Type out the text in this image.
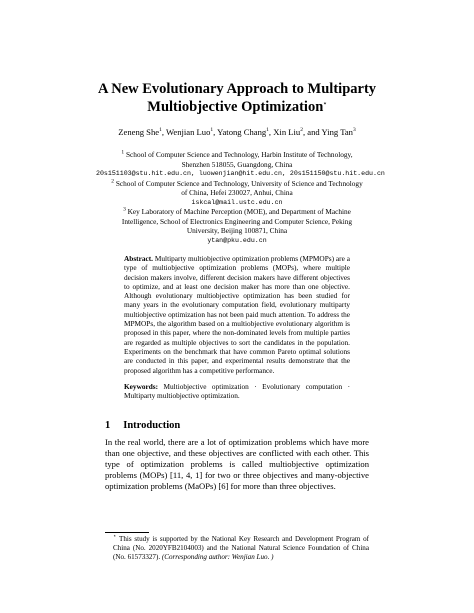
A New Evolutionary Approach to Multiparty
Multiobjective Optimization⋆
Zeneng She$^1$, Wenjian Luo$^1$, Yatong Chang$^1$, Xin Liu$^2$, and Ying Tan$^3$
$^1$ School of Computer Science and Technology, Harbin Institute of Technology,
Shenzhen 518055, Guangdong, China
20s151103@stu.hit.edu.cn, luowenjian@hit.edu.cn, 20s151150@stu.hit.edu.cn
$^2$ School of Computer Science and Technology, University of Science and Technology
of China, Hefei 230027, Anhui, China
iskcal@mail.ustc.edu.cn
$^3$ Key Laboratory of Machine Perception (MOE), and Department of Machine
Intelligence, School of Electronics Engineering and Computer Science, Peking
University, Beijing 100871, China
ytan@pku.edu.cn
Abstract. Multiparty multiobjective optimization problems (MPMOPs) are a type of multiobjective optimization problems (MOPs), where multiple decision makers involve, different decision makers have different objectives to optimize, and at least one decision maker has more than one objective. Although evolutionary multiobjective optimization has been studied for many years in the evolutionary computation field, evolutionary multiparty multiobjective optimization has not been paid much attention. To address the MPMOPs, the algorithm based on a multiobjective evolutionary algorithm is proposed in this paper, where the non-dominated levels from multiple parties are regarded as multiple objectives to sort the candidates in the population. Experiments on the benchmark that have common Pareto optimal solutions are conducted in this paper, and experimental results demonstrate that the proposed algorithm has a competitive performance.
Keywords: Multiobjective optimization · Evolutionary computation · Multiparty multiobjective optimization.
1 Introduction
In the real world, there are a lot of optimization problems which have more than one objective, and these objectives are conflicted with each other. This type of optimization problems is called multiobjective optimization problems (MOPs) [11, 4, 1] for two or three objectives and many-objective optimization problems (MaOPs) [6] for more than three objectives.
⋆ This study is supported by the National Key Research and Development Program of China (No. 2020YFB2104003) and the National Natural Science Foundation of China (No. 61573327). (Corresponding author: Wenjian Luo. )
